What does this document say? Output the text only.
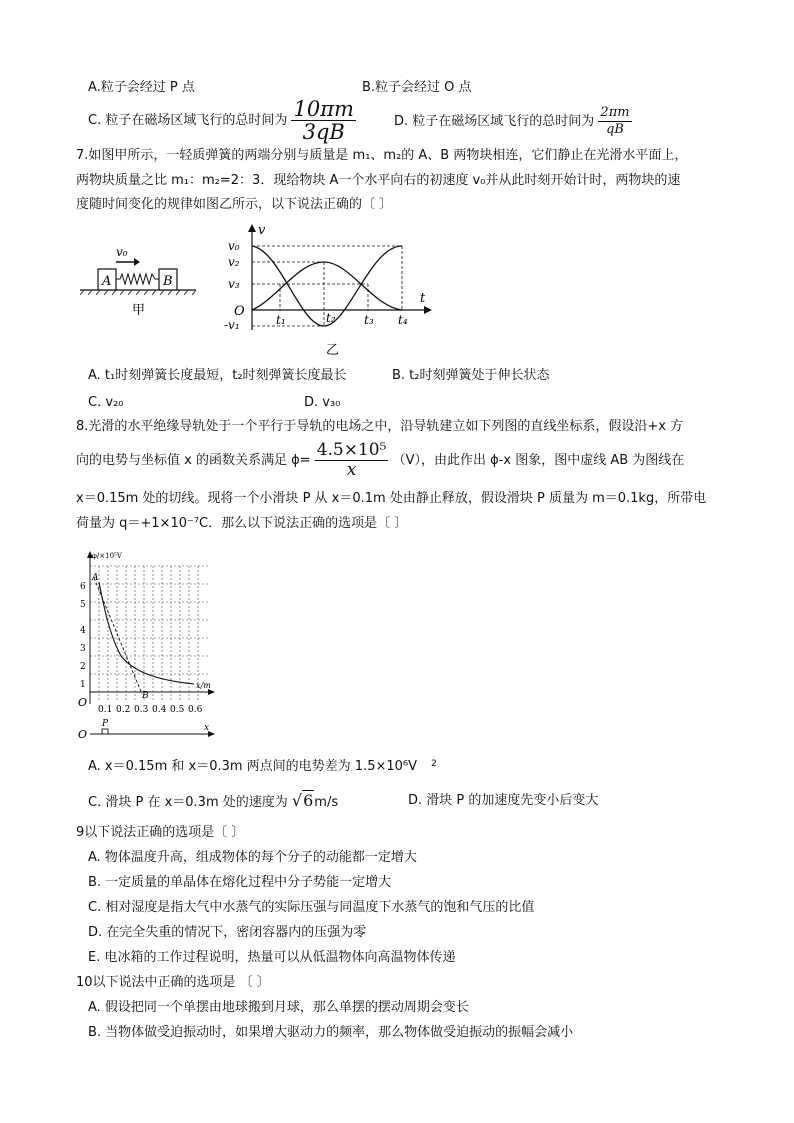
A.粒子会经过 P 点	B.粒子会经过 O 点
C. 粒子在磁场区域飞行的总时间为 $\frac{10\pi m}{3qB}$	D. 粒子在磁场区域飞行的总时间为 $\frac{2\pi m}{qB}$
7.如图甲所示，一轻质弹簧的两端分别与质量是 m₁、m₂的 A、B 两物块相连，它们静止在光滑水平面上，
两物块质量之比 m₁：m₂=2：3．现给物块 A一个水平向右的初速度 v₀并从此时刻开始计时，两物块的速
度随时间变化的规律如图乙所示，以下说法正确的〔 〕
A	B
v₀
甲
v
t
O
v₀
v₂
v₃
-v₁	t₁	t₂ t₃ t₄
乙
A. t₁时刻弹簧长度最短，t₂时刻弹簧长度最长	B. t₂时刻弹簧处于伸长状态
C. v₂₀	D. v₃₀
8.光滑的水平绝缘导轨处于一个平行于导轨的电场之中，沿导轨建立如下列图的直线坐标系，假设沿+x 方
向的电势与坐标值 x 的函数关系满足 $\phi= \frac{\text{4.5×10⁵}}{x} (V)$，由此作出 ϕ-x 图象，图中虚线 AB 为图线在
x＝0.15m 处的切线。现将一个小滑块 P 从 x＝0.1m 处由静止释放，假设滑块 P 质量为 m＝0.1kg，所带电
荷量为 q＝+1×10⁻⁷C．那么以下说法正确的选项是〔 〕
φ/×10⁵V
x/m
O
1
2
3
4
5
6
0.1 0.2 0.3 0.4 0.5 0.6
A
B
O	x
P
A. x＝0.15m 和 x＝0.3m 两点间的电势差为 1.5×10⁶V $^2$
C. 滑块 P 在 x＝0.3m 处的速度为 √6m/s	D. 滑块 P 的加速度先变小后变大
9以下说法正确的选项是〔 〕
A. 物体温度升高，组成物体的每个分子的动能都一定增大
B. 一定质量的单晶体在熔化过程中分子势能一定增大
C. 相对湿度是指大气中水蒸气的实际压强与同温度下水蒸气的饱和气压的比值
D. 在完全失重的情况下，密闭容器内的压强为零
E. 电冰箱的工作过程说明，热量可以从低温物体向高温物体传递
10以下说法中正确的选项是 〔 〕
A. 假设把同一个单摆由地球搬到月球，那么单摆的摆动周期会变长
B. 当物体做受迫振动时，如果增大驱动力的频率，那么物体做受迫振动的振幅会减小
